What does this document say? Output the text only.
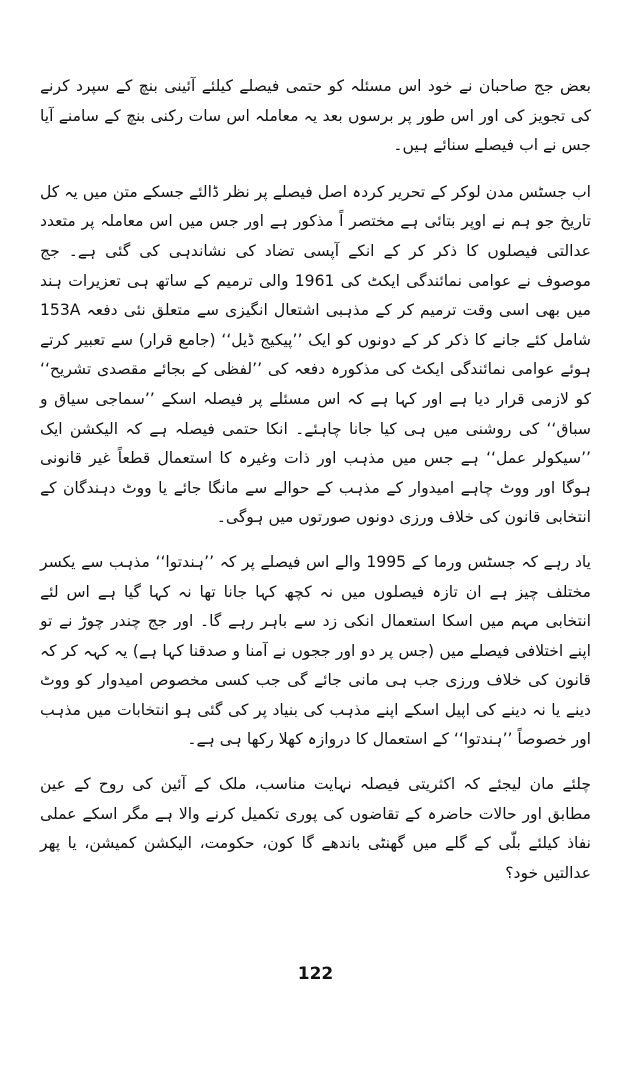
بعض جج صاحبان نے خود اس مسئلہ کو حتمی فیصلے کیلئے آئینی بنچ کے سپرد کرنے کی تجویز کی اور اس طور پر برسوں بعد یہ معاملہ اس سات رکنی بنچ کے سامنے آیا جس نے اب فیصلے سنائے ہیں۔

اب جسٹس مدن لوکر کے تحریر کردہ اصل فیصلے پر نظر ڈالئے جسکے متن میں یہ کل تاریخ جو ہم نے اوپر بتائی ہے مختصر اً مذکور ہے اور جس میں اس معاملہ پر متعدد عدالتی فیصلوں کا ذکر کر کے انکے آپسی تضاد کی نشاندہی کی گئی ہے۔ جج موصوف نے عوامی نمائندگی ایکٹ کی 1961 والی ترمیم کے ساتھ ہی تعزیرات ہند میں بھی اسی وقت ترمیم کر کے مذہبی اشتعال انگیزی سے متعلق نئی دفعہ 153A شامل کئے جانے کا ذکر کر کے دونوں کو ایک ’’پیکیج ڈیل‘‘ (جامع قرار) سے تعبیر کرتے ہوئے عوامی نمائندگی ایکٹ کی مذکورہ دفعہ کی ’’لفظی کے بجائے مقصدی تشریح‘‘ کو لازمی قرار دیا ہے اور کہا ہے کہ اس مسئلے پر فیصلہ اسکے ’’سماجی سیاق و سباق‘‘ کی روشنی میں ہی کیا جانا چاہئے۔ انکا حتمی فیصلہ ہے کہ الیکشن ایک ’’سیکولر عمل‘‘ ہے جس میں مذہب اور ذات وغیرہ کا استعمال قطعاً غیر قانونی ہوگا اور ووٹ چاہے امیدوار کے مذہب کے حوالے سے مانگا جائے یا ووٹ دہندگان کے انتخابی قانون کی خلاف ورزی دونوں صورتوں میں ہوگی۔

یاد رہے کہ جسٹس ورما کے 1995 والے اس فیصلے پر کہ ’’ہندتوا‘‘ مذہب سے یکسر مختلف چیز ہے ان تازہ فیصلوں میں نہ کچھ کہا جانا تھا نہ کہا گیا ہے اس لئے انتخابی مہم میں اسکا استعمال انکی زد سے باہر رہے گا۔ اور جج چندر چوڑ نے تو اپنے اختلافی فیصلے میں (جس پر دو اور ججوں نے آمنا و صدقنا کہا ہے) یہ کہہ کر کہ قانون کی خلاف ورزی جب ہی مانی جائے گی جب کسی مخصوص امیدوار کو ووٹ دینے یا نہ دینے کی اپیل اسکے اپنے مذہب کی بنیاد پر کی گئی ہو انتخابات میں مذہب اور خصوصاً ’’ہندتوا‘‘ کے استعمال کا دروازہ کھلا رکھا ہی ہے۔

چلئے مان لیجئے کہ اکثریتی فیصلہ نہایت مناسب، ملک کے آئین کی روح کے عین مطابق اور حالات حاضرہ کے تقاضوں کی پوری تکمیل کرنے والا ہے مگر اسکے عملی نفاذ کیلئے بلّی کے گلے میں گھنٹی باندھے گا کون، حکومت، الیکشن کمیشن، یا پھر عدالتیں خود؟

122
